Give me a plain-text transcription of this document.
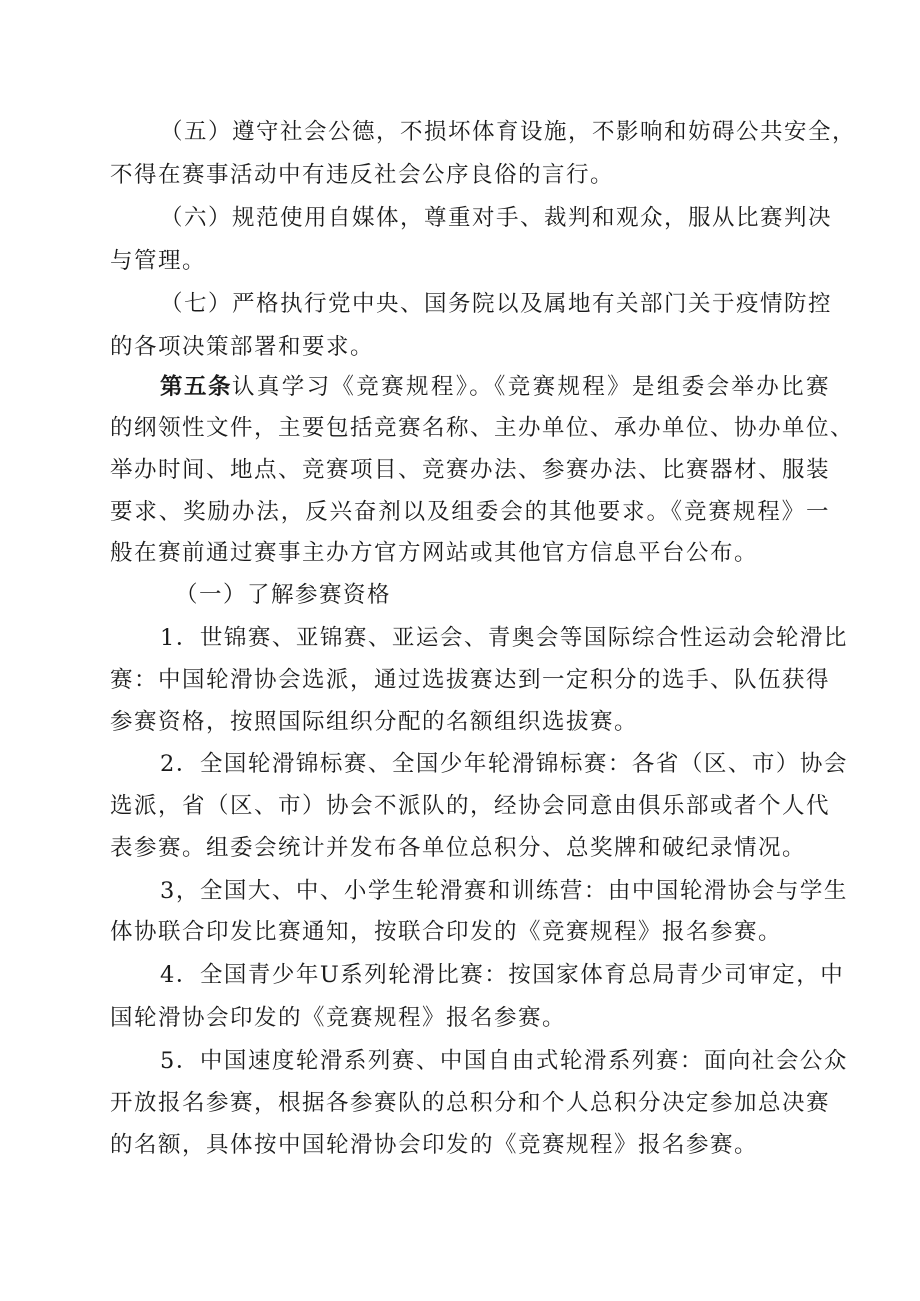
（五）遵守社会公德，不损坏体育设施，不影响和妨碍公共安全，
不得在赛事活动中有违反社会公序良俗的言行。
（六）规范使用自媒体，尊重对手、裁判和观众，服从比赛判决
与管理。
（七）严格执行党中央、国务院以及属地有关部门关于疫情防控
的各项决策部署和要求。
第五条 认真学习《竞赛规程》。《竞赛规程》是组委会举办比赛
的纲领性文件，主要包括竞赛名称、主办单位、承办单位、协办单位、
举办时间、地点、竞赛项目、竞赛办法、参赛办法、比赛器材、服装
要求、奖励办法，反兴奋剂以及组委会的其他要求。《竞赛规程》一
般在赛前通过赛事主办方官方网站或其他官方信息平台公布。
（一）了解参赛资格
1．世锦赛、亚锦赛、亚运会、青奥会等国际综合性运动会轮滑比
赛：中国轮滑协会选派，通过选拔赛达到一定积分的选手、队伍获得
参赛资格，按照国际组织分配的名额组织选拔赛。
2．全国轮滑锦标赛、全国少年轮滑锦标赛：各省（区、市）协会
选派，省（区、市）协会不派队的，经协会同意由俱乐部或者个人代
表参赛。组委会统计并发布各单位总积分、总奖牌和破纪录情况。
3，全国大、中、小学生轮滑赛和训练营：由中国轮滑协会与学生
体协联合印发比赛通知，按联合印发的《竞赛规程》报名参赛。
4．全国青少年U系列轮滑比赛：按国家体育总局青少司审定，中
国轮滑协会印发的《竞赛规程》报名参赛。
5．中国速度轮滑系列赛、中国自由式轮滑系列赛：面向社会公众
开放报名参赛，根据各参赛队的总积分和个人总积分决定参加总决赛
的名额，具体按中国轮滑协会印发的《竞赛规程》报名参赛。
